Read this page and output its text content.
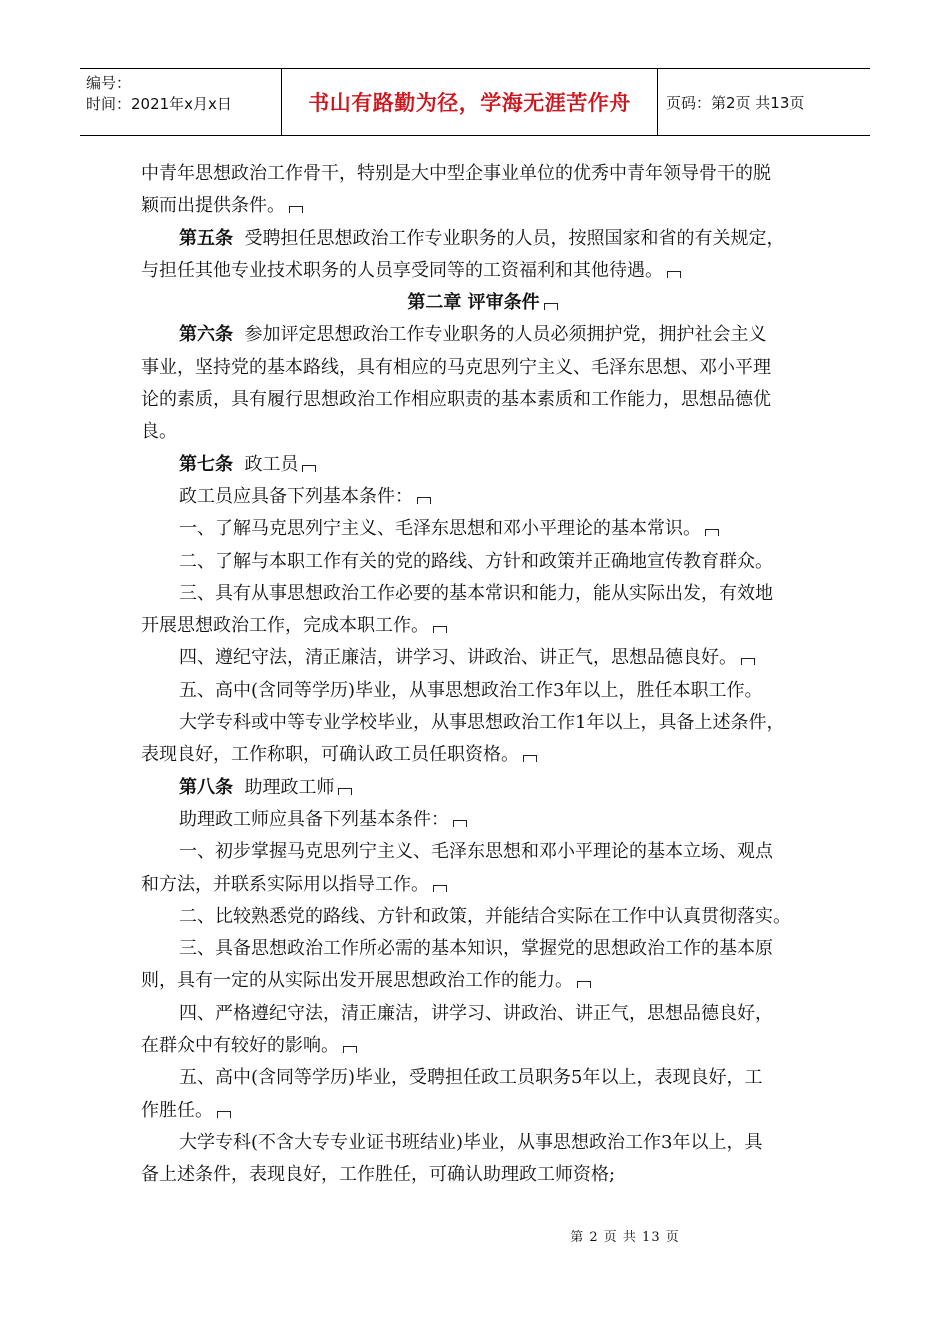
编号：
时间：2021年x月x日	书山有路勤为径，学海无涯苦作舟	页码：第2页 共13页
中青年思想政治工作骨干，特别是大中型企事业单位的优秀中青年领导骨干的脱
颖而出提供条件。
第五条 受聘担任思想政治工作专业职务的人员，按照国家和省的有关规定，
与担任其他专业技术职务的人员享受同等的工资福利和其他待遇。
第二章 评审条件
第六条 参加评定思想政治工作专业职务的人员必须拥护党，拥护社会主义
事业，坚持党的基本路线，具有相应的马克思列宁主义、毛泽东思想、邓小平理
论的素质，具有履行思想政治工作相应职责的基本素质和工作能力，思想品德优
良。
第七条 政工员
政工员应具备下列基本条件：
一、了解马克思列宁主义、毛泽东思想和邓小平理论的基本常识。
二、了解与本职工作有关的党的路线、方针和政策并正确地宣传教育群众。
三、具有从事思想政治工作必要的基本常识和能力，能从实际出发，有效地
开展思想政治工作，完成本职工作。
四、遵纪守法，清正廉洁，讲学习、讲政治、讲正气，思想品德良好。
五、高中(含同等学历)毕业，从事思想政治工作3年以上，胜任本职工作。
大学专科或中等专业学校毕业，从事思想政治工作1年以上，具备上述条件，
表现良好，工作称职，可确认政工员任职资格。
第八条 助理政工师
助理政工师应具备下列基本条件：
一、初步掌握马克思列宁主义、毛泽东思想和邓小平理论的基本立场、观点
和方法，并联系实际用以指导工作。
二、比较熟悉党的路线、方针和政策，并能结合实际在工作中认真贯彻落实。
三、具备思想政治工作所必需的基本知识，掌握党的思想政治工作的基本原
则，具有一定的从实际出发开展思想政治工作的能力。
四、严格遵纪守法，清正廉洁，讲学习、讲政治、讲正气，思想品德良好，
在群众中有较好的影响。
五、高中(含同等学历)毕业，受聘担任政工员职务5年以上，表现良好，工
作胜任。
大学专科(不含大专专业证书班结业)毕业，从事思想政治工作3年以上，具
备上述条件，表现良好，工作胜任，可确认助理政工师资格;
第 2 页 共 13 页
